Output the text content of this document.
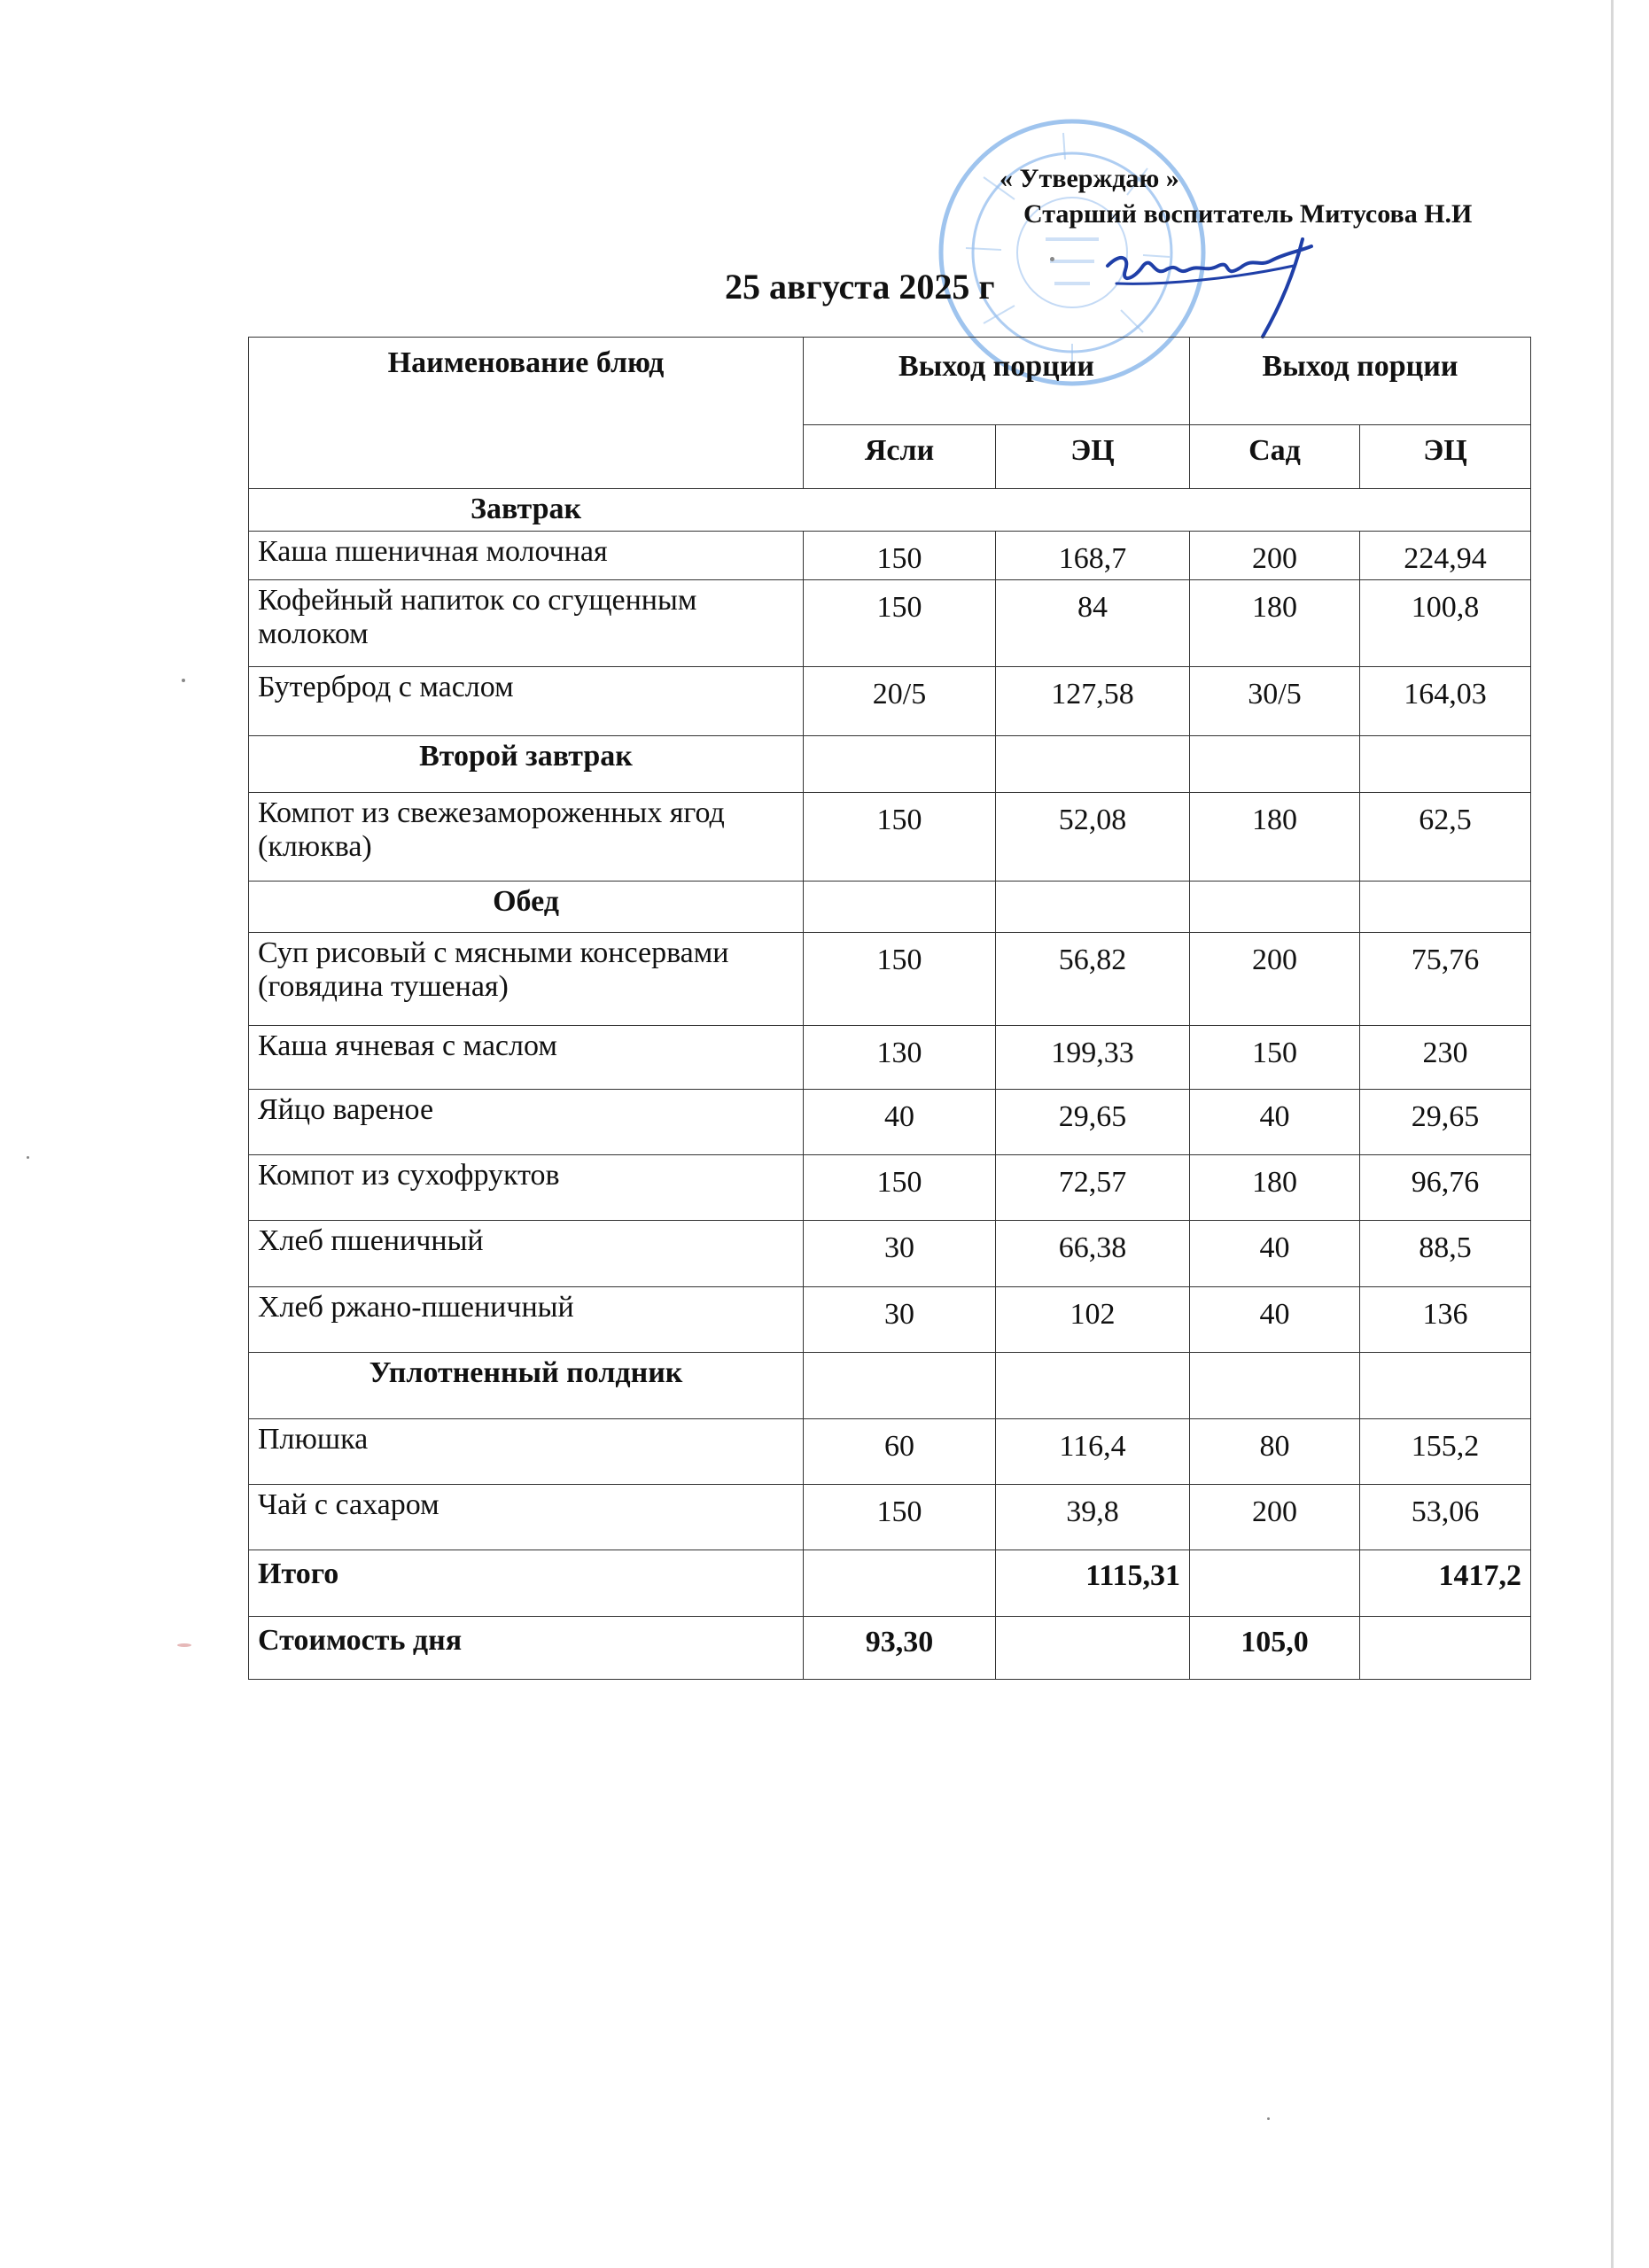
« Утверждаю »
Старший воспитатель Митусова Н.И
25 августа 2025 г
Наименование блюд	Выход порции		Выход порции	
	Ясли	ЭЦ	Сад	ЭЦ
Завтрак				
Каша пшеничная молочная	150	168,7	200	224,94
Кофейный напиток со сгущенным молоком	150	84	180	100,8
Бутерброд с маслом	20/5	127,58	30/5	164,03
Второй завтрак				
Компот из свежезамороженных ягод (клюква)	150	52,08	180	62,5
Обед				
Суп рисовый с мясными консервами (говядина тушеная)	150	56,82	200	75,76
Каша ячневая с маслом	130	199,33	150	230
Яйцо вареное	40	29,65	40	29,65
Компот из сухофруктов	150	72,57	180	96,76
Хлеб пшеничный	30	66,38	40	88,5
Хлеб ржано-пшеничный	30	102	40	136
Уплотненный полдник				
Плюшка	60	116,4	80	155,2
Чай с сахаром	150	39,8	200	53,06
Итого		1115,31		1417,2
Стоимость дня	93,30		105,0	
